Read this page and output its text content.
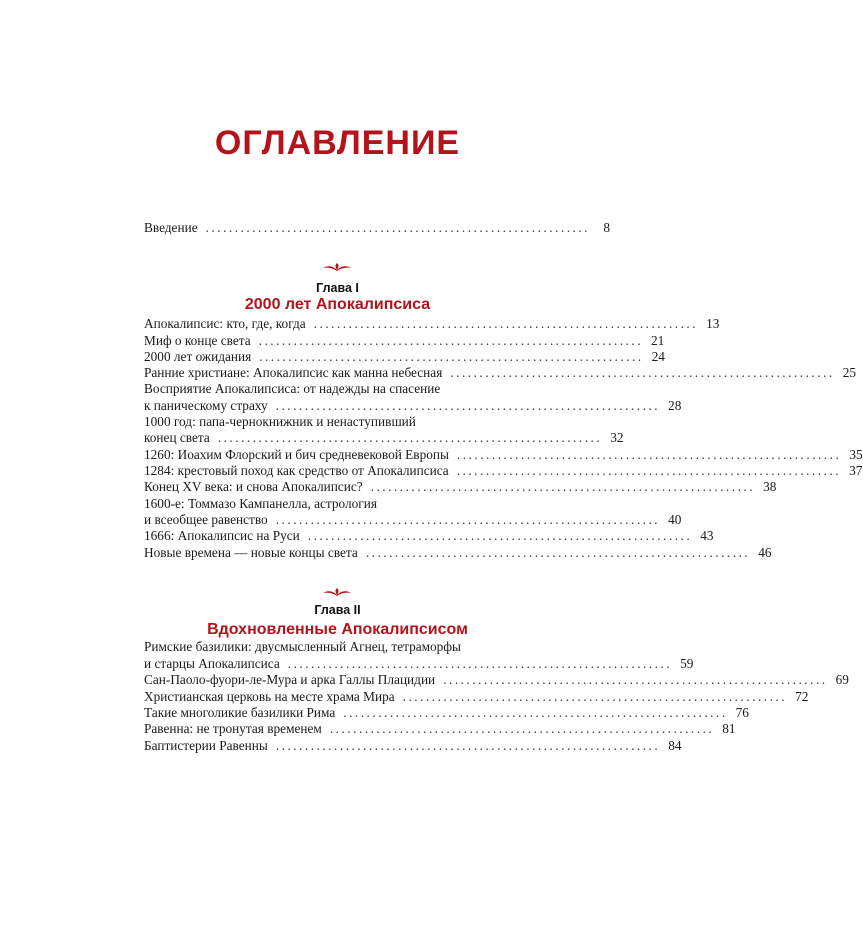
ОГЛАВЛЕНИЕ
Введение ..................................................................	8
Глава I
2000 лет Апокалипсиса
Апокалипсис: кто, где, когда .................................................................. 13
Миф о конце света .................................................................. 21
2000 лет ожидания .................................................................. 24
Ранние христиане: Апокалипсис как манна небесная .................................................................. 25
Восприятие Апокалипсиса: от надежды на спасение
к паническому страху .................................................................. 28
1000 год: папа-чернокнижник и ненаступивший
конец света .................................................................. 32
1260: Иоахим Флорский и бич средневековой Европы .................................................................. 35
1284: крестовый поход как средство от Апокалипсиса .................................................................. 37
Конец XV века: и снова Апокалипсис? .................................................................. 38
1600-е: Томмазо Кампанелла, астрология
и всеобщее равенство .................................................................. 40
1666: Апокалипсис на Руси .................................................................. 43
Новые времена — новые концы света .................................................................. 46
Глава II
Вдохновленные Апокалипсисом
Римские базилики: двусмысленный Агнец, тетраморфы
и старцы Апокалипсиса .................................................................. 59
Сан-Паоло-фуори-ле-Мура и арка Галлы Плацидии .................................................................. 69
Христианская церковь на месте храма Мира .................................................................. 72
Такие многоликие базилики Рима .................................................................. 76
Равенна: не тронутая временем .................................................................. 81
Баптистерии Равенны .................................................................. 84
